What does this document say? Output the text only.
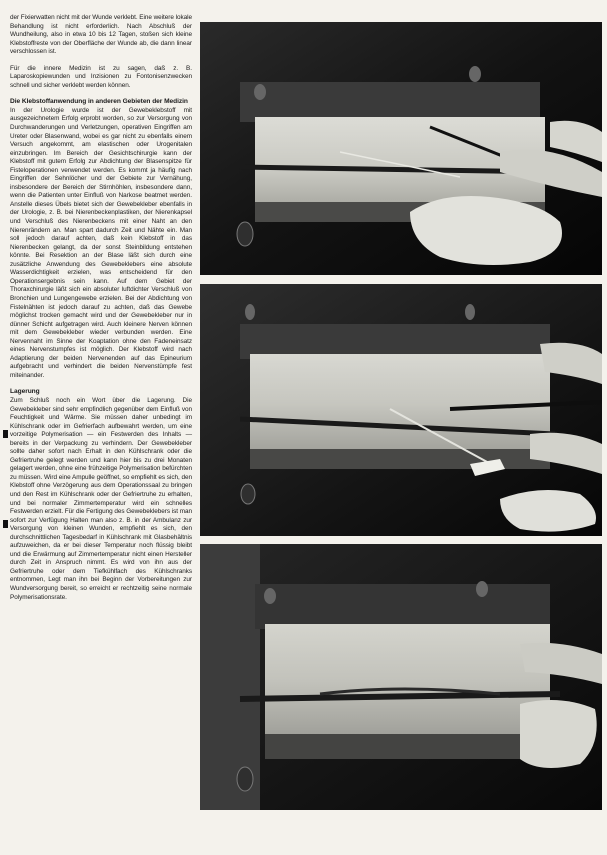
der Fixierwatten nicht mit der Wunde verklebt. Eine weitere lokale Behandlung ist nicht erforderlich. Nach Abschluß der Wundheilung, also in etwa 10 bis 12 Tagen, stoßen sich kleine Klebstoffreste von der Oberfläche der Wunde ab, die dann linear verschlossen ist.

Für die innere Medizin ist zu sagen, daß z. B. Laparoskopiewunden und Inzisionen zu Fontonisenzwecken schnell und sicher verklebt werden können.

Die Klebstoffanwendung in anderen Gebieten der Medizin

In der Urologie wurde ist der Gewebeklebstoff mit ausgezeichnetem Erfolg erprobt worden, so zur Versorgung von Durchwanderungen und Verletzungen, operativen Eingriffen am Ureter oder Blasenwand, wobei es gar nicht zu ebenfalls einem Versuch angekommt, am elastischen oder Urogenitalen einzubringen. Im Bereich der Gesichtschirurgie kann der Klebstoff mit gutem Erfolg zur Abdichtung der Blasenspitze für Fisteloperationen verwendet werden. Es kommt ja häufig nach Eingriffen der Sehnlöcher und der Gebiete zur Vernähung, insbesondere der Bereich der Stirnhöhlen, insbesondere dann, wenn die Patienten unter Einfluß von Narkose beatmet werden. Anstelle dieses Übels bietet sich der Gewebekleber ebenfalls in der Urologie, z. B. bei Nierenbeckenplastiken, der Nierenkapsel und Verschluß des Nierenbeckens mit einer Naht an den Nierenrändern an. Man spart dadurch Zeit und Nähte ein. Man soll jedoch darauf achten, daß kein Klebstoff in das Nierenbecken gelangt, da der sonst Steinbildung entstehen könnte. Bei Resektion an der Blase läßt sich durch eine zusätzliche Anwendung des Gewebeklebers eine absolute Wasserdichtigkeit erzielen, was entscheidend für den Operationsergebnis sein kann. Auf dem Gebiet der Thoraxchirurgie läßt sich ein absoluter luftdichter Verschluß von Bronchien und Lungengewebe erzielen. Bei der Abdichtung von Fistelnähten ist jedoch darauf zu achten, daß das Gewebe möglichst trocken gemacht wird und der Gewebekleber nur in dünner Schicht aufgetragen wird. Auch kleinere Nerven können mit dem Gewebekleber wieder verbunden werden. Eine Nervennaht im Sinne der Koaptation ohne den Fadeneinsatz eines Nervenstumpfes ist möglich. Der Klebstoff wird nach Adaptierung der beiden Nervenenden auf das Epineurium aufgebracht und verhindert die beiden Nervenstümpfe fest miteinander.

Lagerung

Zum Schluß noch ein Wort über die Lagerung. Die Gewebekleber sind sehr empfindlich gegenüber dem Einfluß von Feuchtigkeit und Wärme. Sie müssen daher unbedingt im Kühlschrank oder im Gefrierfach aufbewahrt werden, um eine vorzeitige Polymerisation — ein Festwerden des Inhalts — bereits in der Verpackung zu verhindern. Der Gewebekleber sollte daher sofort nach Erhalt in den Kühlschrank oder die Gefriertruhe gelegt werden und kann hier bis zu drei Monaten gelagert werden, ohne eine frühzeitige Polymerisation befürchten zu müssen. Wird eine Ampulle geöffnet, so empfiehlt es sich, den Klebstoff ohne Verzögerung aus dem Operationssaal zu bringen und den Rest im Kühlschrank oder der Gefriertruhe zu erhalten, und bei normaler Zimmertemperatur wird ein schnelles Festwerden erzielt. Für die Fertigung des Gewebeklebers ist man sofort zur Verfügung Halten man also z. B. in der Ambulanz zur Versorgung von kleinen Wunden, empfiehlt es sich, den durchschnittlichen Tagesbedarf in Kühlschrank mit Glasbehältnis aufzuweichen, da er bei dieser Temperatur noch flüssig bleibt und die Erwärmung auf Zimmertemperatur nicht einen Hersteller durch Zeit in Anspruch nimmt. Es wird von ihn aus der Gefriertruhe oder dem Tiefkühlfach des Kühlschranks entnommen, Legt man ihn bei Beginn der Vorbereitungen zur Wundversorgung bereit, so erreicht er rechtzeitig seine normale Polymerisationsrate.
